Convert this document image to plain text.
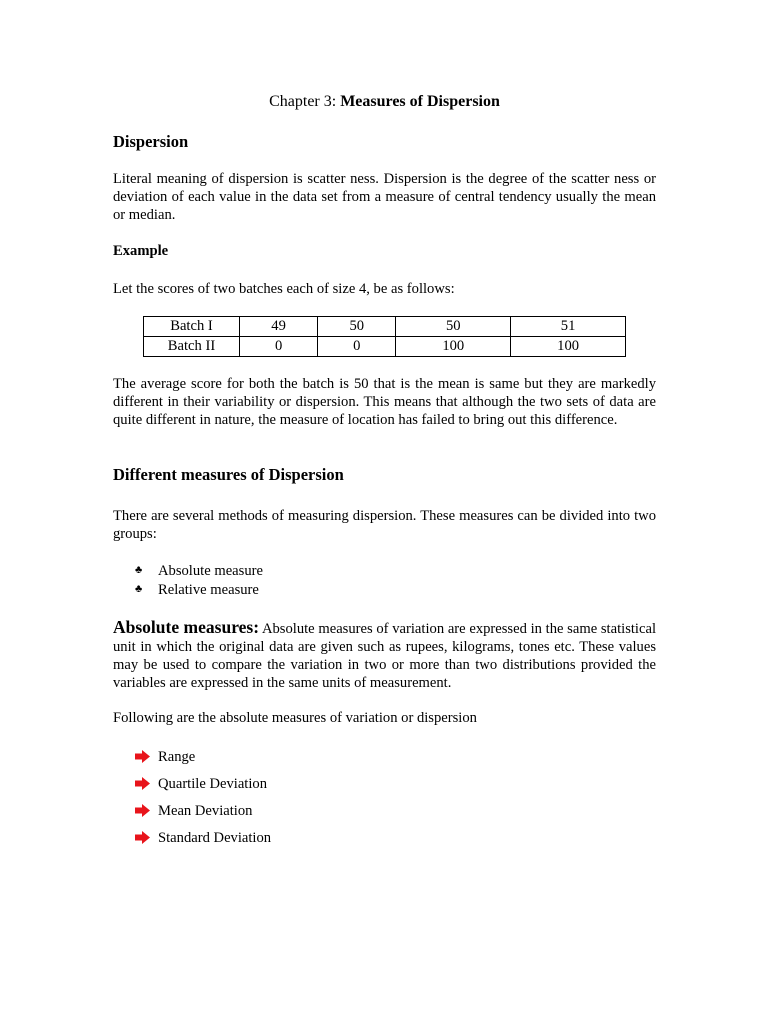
Chapter 3: Measures of Dispersion
Dispersion

Literal meaning of dispersion is scatter ness. Dispersion is the degree of the scatter ness or deviation of each value in the data set from a measure of central tendency usually the mean or median.

Example

Let the scores of two batches each of size 4, be as follows:

Batch I	49	50	50	51
Batch II	0	0	100	100

The average score for both the batch is 50 that is the mean is same but they are markedly different in their variability or dispersion. This means that although the two sets of data are quite different in nature, the measure of location has failed to bring out this difference.

Different measures of Dispersion

There are several methods of measuring dispersion. These measures can be divided into two groups:

♣	Absolute measure
♣	Relative measure

Absolute measures: Absolute measures of variation are expressed in the same statistical unit in which the original data are given such as rupees, kilograms, tones etc. These values may be used to compare the variation in two or more than two distributions provided the variables are expressed in the same units of measurement.

Following are the absolute measures of variation or dispersion

Range
Quartile Deviation
Mean Deviation
Standard Deviation
